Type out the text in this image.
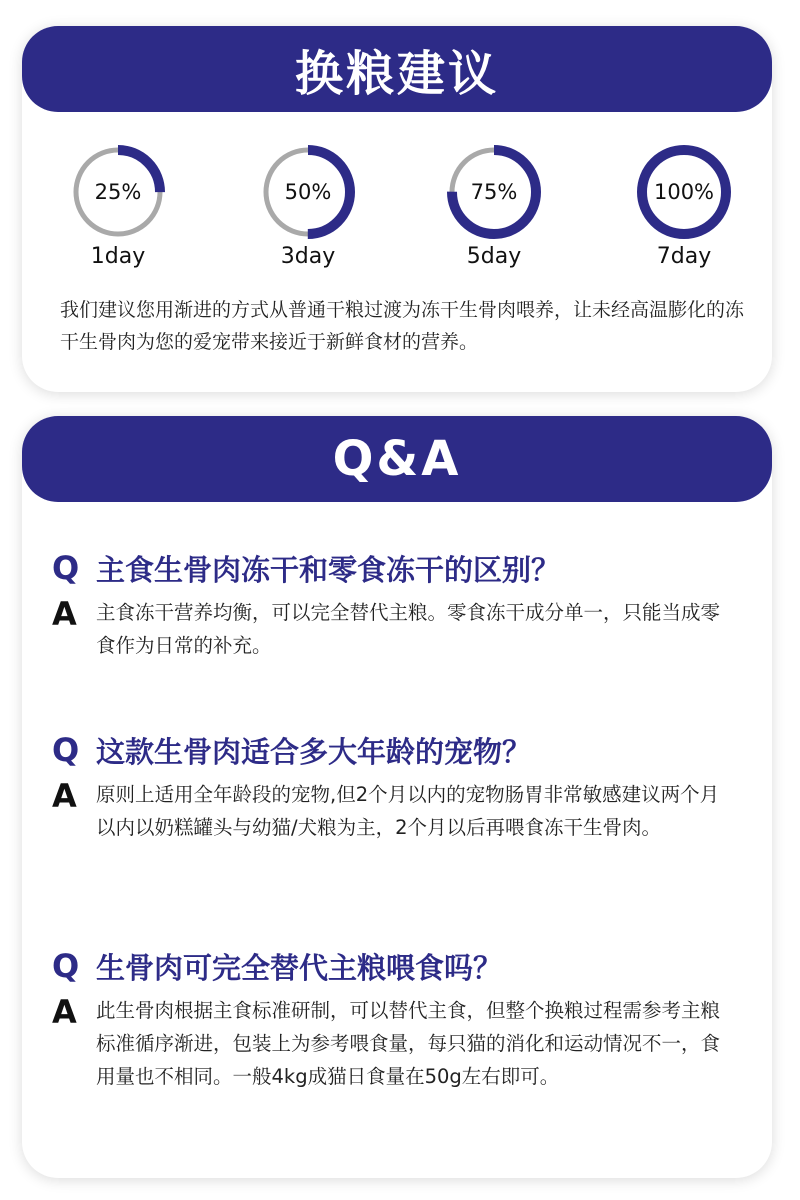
换粮建议
25%
1day
50%
3day
75%
5day
100%
7day
我们建议您用渐进的方式从普通干粮过渡为冻干生骨肉喂养，让未经高温膨化的冻干生骨肉为您的爱宠带来接近于新鲜食材的营养。
Q&A
Q 主食生骨肉冻干和零食冻干的区别？
A 主食冻干营养均衡，可以完全替代主粮。零食冻干成分单一，只能当成零食作为日常的补充。
Q 这款生骨肉适合多大年龄的宠物？
A 原则上适用全年龄段的宠物,但2个月以内的宠物肠胃非常敏感建议两个月以内以奶糕罐头与幼猫/犬粮为主，2个月以后再喂食冻干生骨肉。
Q 生骨肉可完全替代主粮喂食吗？
A 此生骨肉根据主食标准研制，可以替代主食，但整个换粮过程需参考主粮标准循序渐进，包装上为参考喂食量，每只猫的消化和运动情况不一，食用量也不相同。一般4kg成猫日食量在50g左右即可。
